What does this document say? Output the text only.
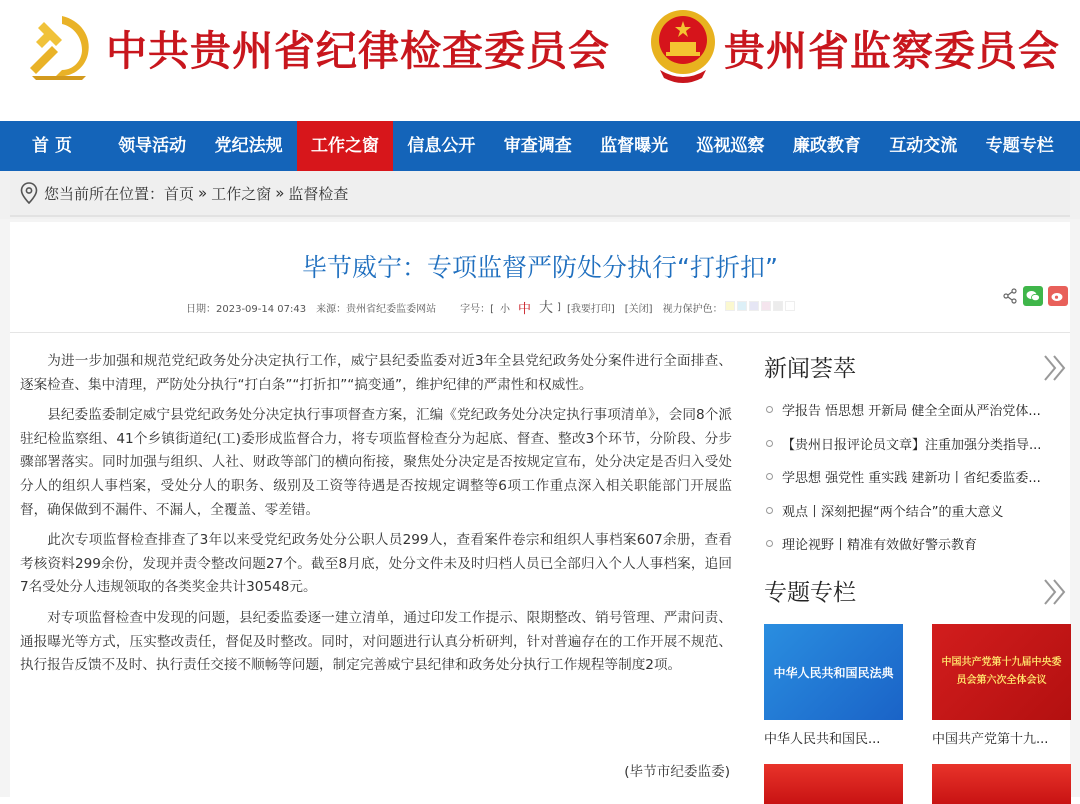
中共贵州省纪律检查委员会	贵州省监察委员会
首 页	领导活动	党纪法规	工作之窗	信息公开	审查调查	监督曝光	巡视巡察	廉政教育	互动交流	专题专栏
您当前所在位置： 首页 » 工作之窗 » 监督检查
毕节威宁：专项监督严防处分执行“打折扣”
日期：2023-09-14 07:43 来源：贵州省纪委监委网站 字号：[ 小 中 大 ] [我要打印] [关闭] 视力保护色：

为进一步加强和规范党纪政务处分决定执行工作，威宁县纪委监委对近3年全县党纪政务处分案件进行全面排查、逐案检查、集中清理，严防处分执行“打白条”“打折扣”“搞变通”，维护纪律的严肃性和权威性。

县纪委监委制定威宁县党纪政务处分决定执行事项督查方案，汇编《党纪政务处分决定执行事项清单》，会同8个派驻纪检监察组、41个乡镇街道纪(工)委形成监督合力，将专项监督检查分为起底、督查、整改3个环节，分阶段、分步骤部署落实。同时加强与组织、人社、财政等部门的横向衔接，聚焦处分决定是否按规定宣布，处分决定是否归入受处分人的组织人事档案，受处分人的职务、级别及工资等待遇是否按规定调整等6项工作重点深入相关职能部门开展监督，确保做到不漏件、不漏人，全覆盖、零差错。

此次专项监督检查排查了3年以来受党纪政务处分公职人员299人，查看案件卷宗和组织人事档案607余册，查看考核资料299余份，发现并责令整改问题27个。截至8月底，处分文件未及时归档人员已全部归入个人人事档案，追回7名受处分人违规领取的各类奖金共计30548元。

对专项监督检查中发现的问题，县纪委监委逐一建立清单，通过印发工作提示、限期整改、销号管理、严肃问责、通报曝光等方式，压实整改责任，督促及时整改。同时，对问题进行认真分析研判，针对普遍存在的工作开展不规范、执行报告反馈不及时、执行责任交接不顺畅等问题，制定完善威宁县纪律和政务处分执行工作规程等制度2项。

(毕节市纪委监委)
新闻荟萃
学报告 悟思想 开新局 健全全面从严治党体...
【贵州日报评论员文章】注重加强分类指导...
学思想 强党性 重实践 建新功丨省纪委监委...
观点丨深刻把握“两个结合”的重大意义
理论视野丨精准有效做好警示教育
专题专栏
中华人民共和国民法典
中华人民共和国民...
中国共产党第十九届中央委员会第六次全体会议
中国共产党第十九...
